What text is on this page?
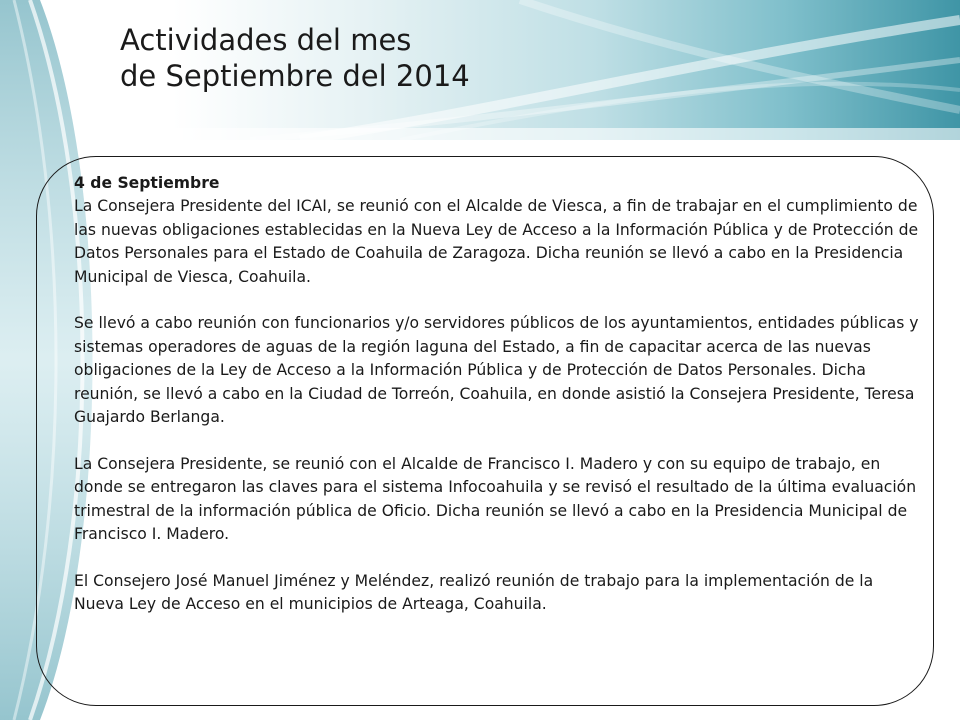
Actividades del mes
de Septiembre del 2014

4 de Septiembre
La Consejera Presidente del ICAI, se reunió con el Alcalde de Viesca, a fin de trabajar en el cumplimiento de las nuevas obligaciones establecidas en la Nueva Ley de Acceso a la Información Pública y de Protección de Datos Personales para el Estado de Coahuila de Zaragoza. Dicha reunión se llevó a cabo en la Presidencia Municipal de Viesca, Coahuila.

Se llevó a cabo reunión con funcionarios y/o servidores públicos de los ayuntamientos, entidades públicas y sistemas operadores de aguas de la región laguna del Estado, a fin de capacitar acerca de las nuevas obligaciones de la Ley de Acceso a la Información Pública y de Protección de Datos Personales. Dicha reunión, se llevó a cabo en la Ciudad de Torreón, Coahuila, en donde asistió la Consejera Presidente, Teresa Guajardo Berlanga.

La Consejera Presidente, se reunió con el Alcalde de Francisco I. Madero y con su equipo de trabajo, en donde se entregaron las claves para el sistema Infocoahuila y se revisó el resultado de la última evaluación trimestral de la información pública de Oficio. Dicha reunión se llevó a cabo en la Presidencia Municipal de Francisco I. Madero.

El Consejero José Manuel Jiménez y Meléndez, realizó reunión de trabajo para la implementación de la Nueva Ley de Acceso en el municipios de Arteaga, Coahuila.
